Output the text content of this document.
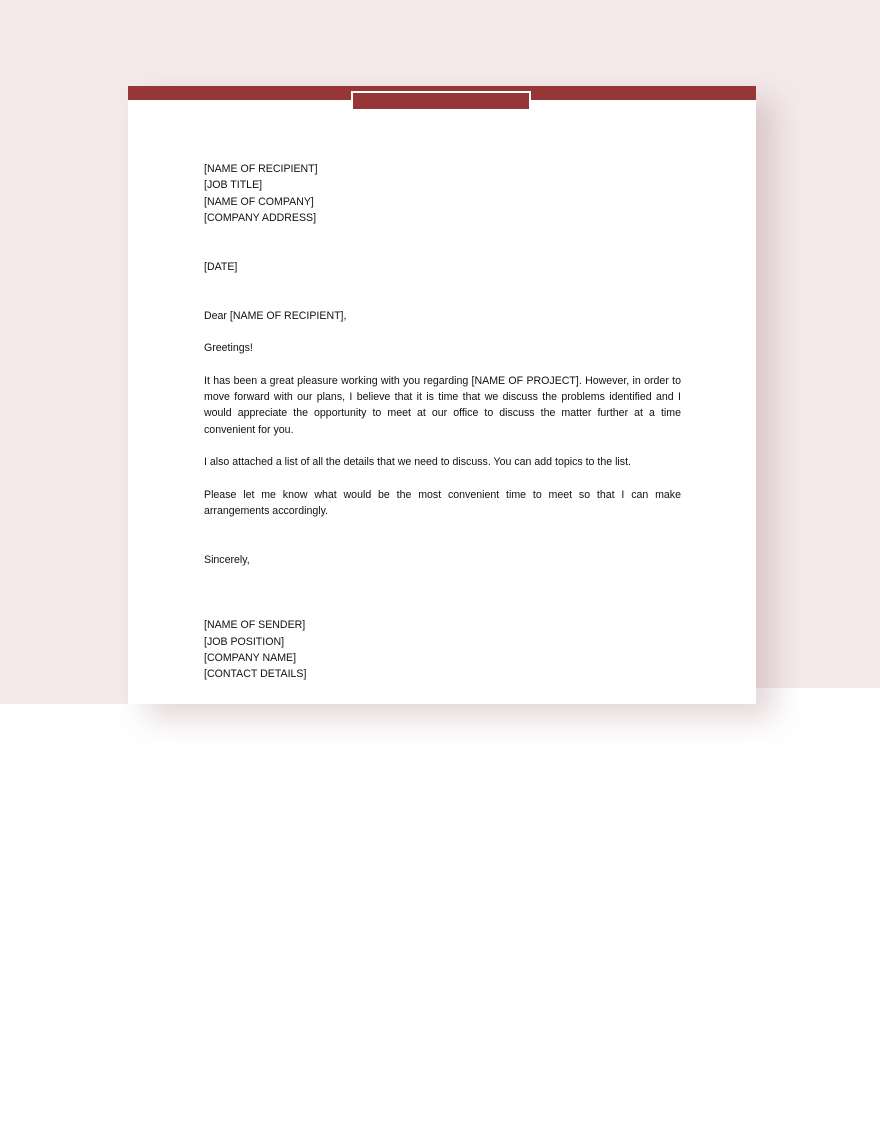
[NAME OF RECIPIENT]
[JOB TITLE]
[NAME OF COMPANY]
[COMPANY ADDRESS]
[DATE]
Dear [NAME OF RECIPIENT],
Greetings!

It has been a great pleasure working with you regarding [NAME OF PROJECT]. However, in order to move forward with our plans, I believe that it is time that we discuss the problems identified and I would appreciate the opportunity to meet at our office to discuss the matter further at a time convenient for you.

I also attached a list of all the details that we need to discuss. You can add topics to the list.

Please let me know what would be the most convenient time to meet so that I can make arrangements accordingly.

Sincerely,
[NAME OF SENDER]
[JOB POSITION]
[COMPANY NAME]
[CONTACT DETAILS]
